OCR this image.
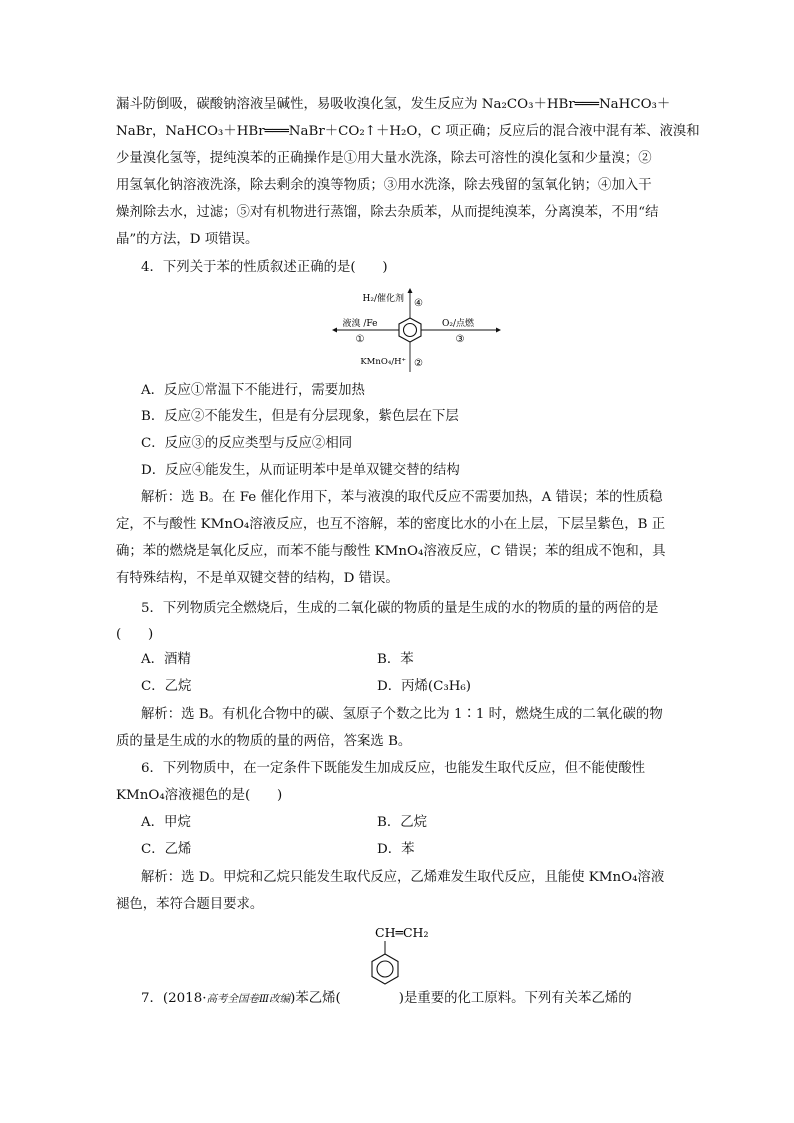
漏斗防倒吸，碳酸钠溶液呈碱性，易吸收溴化氢，发生反应为 Na₂CO₃＋HBr═══NaHCO₃＋
NaBr，NaHCO₃＋HBr═══NaBr＋CO₂↑＋H₂O，C 项正确；反应后的混合液中混有苯、液溴和
少量溴化氢等，提纯溴苯的正确操作是①用大量水洗涤，除去可溶性的溴化氢和少量溴；②
用氢氧化钠溶液洗涤，除去剩余的溴等物质；③用水洗涤，除去残留的氢氧化钠；④加入干
燥剂除去水，过滤；⑤对有机物进行蒸馏，除去杂质苯，从而提纯溴苯，分离溴苯，不用“结
晶”的方法，D 项错误。
4．下列关于苯的性质叙述正确的是(　　)
H₂/催化剂 ④
液溴 /Fe
①
O₂/点燃
③
KMnO₄/H⁺ ②
A．反应①常温下不能进行，需要加热
B．反应②不能发生，但是有分层现象，紫色层在下层
C．反应③的反应类型与反应②相同
D．反应④能发生，从而证明苯中是单双键交替的结构
解析：选 B。在 Fe 催化作用下，苯与液溴的取代反应不需要加热，A 错误；苯的性质稳
定，不与酸性 KMnO₄溶液反应，也互不溶解，苯的密度比水的小在上层，下层呈紫色，B 正
确；苯的燃烧是氧化反应，而苯不能与酸性 KMnO₄溶液反应，C 错误；苯的组成不饱和，具
有特殊结构，不是单双键交替的结构，D 错误。
5．下列物质完全燃烧后，生成的二氧化碳的物质的量是生成的水的物质的量的两倍的是
(　　)
A．酒精	B．苯
C．乙烷	D．丙烯(C₃H₆)
解析：选 B。有机化合物中的碳、氢原子个数之比为 1∶1 时，燃烧生成的二氧化碳的物
质的量是生成的水的物质的量的两倍，答案选 B。
6．下列物质中，在一定条件下既能发生加成反应，也能发生取代反应，但不能使酸性
KMnO₄溶液褪色的是(　　)
A．甲烷	B．乙烷
C．乙烯	D．苯
解析：选 D。甲烷和乙烷只能发生取代反应，乙烯难发生取代反应，且能使 KMnO₄溶液
褪色，苯符合题目要求。
CH═CH₂
7．(2018·高考全国卷Ⅲ改编)苯乙烯(	)是重要的化工原料。下列有关苯乙烯的
